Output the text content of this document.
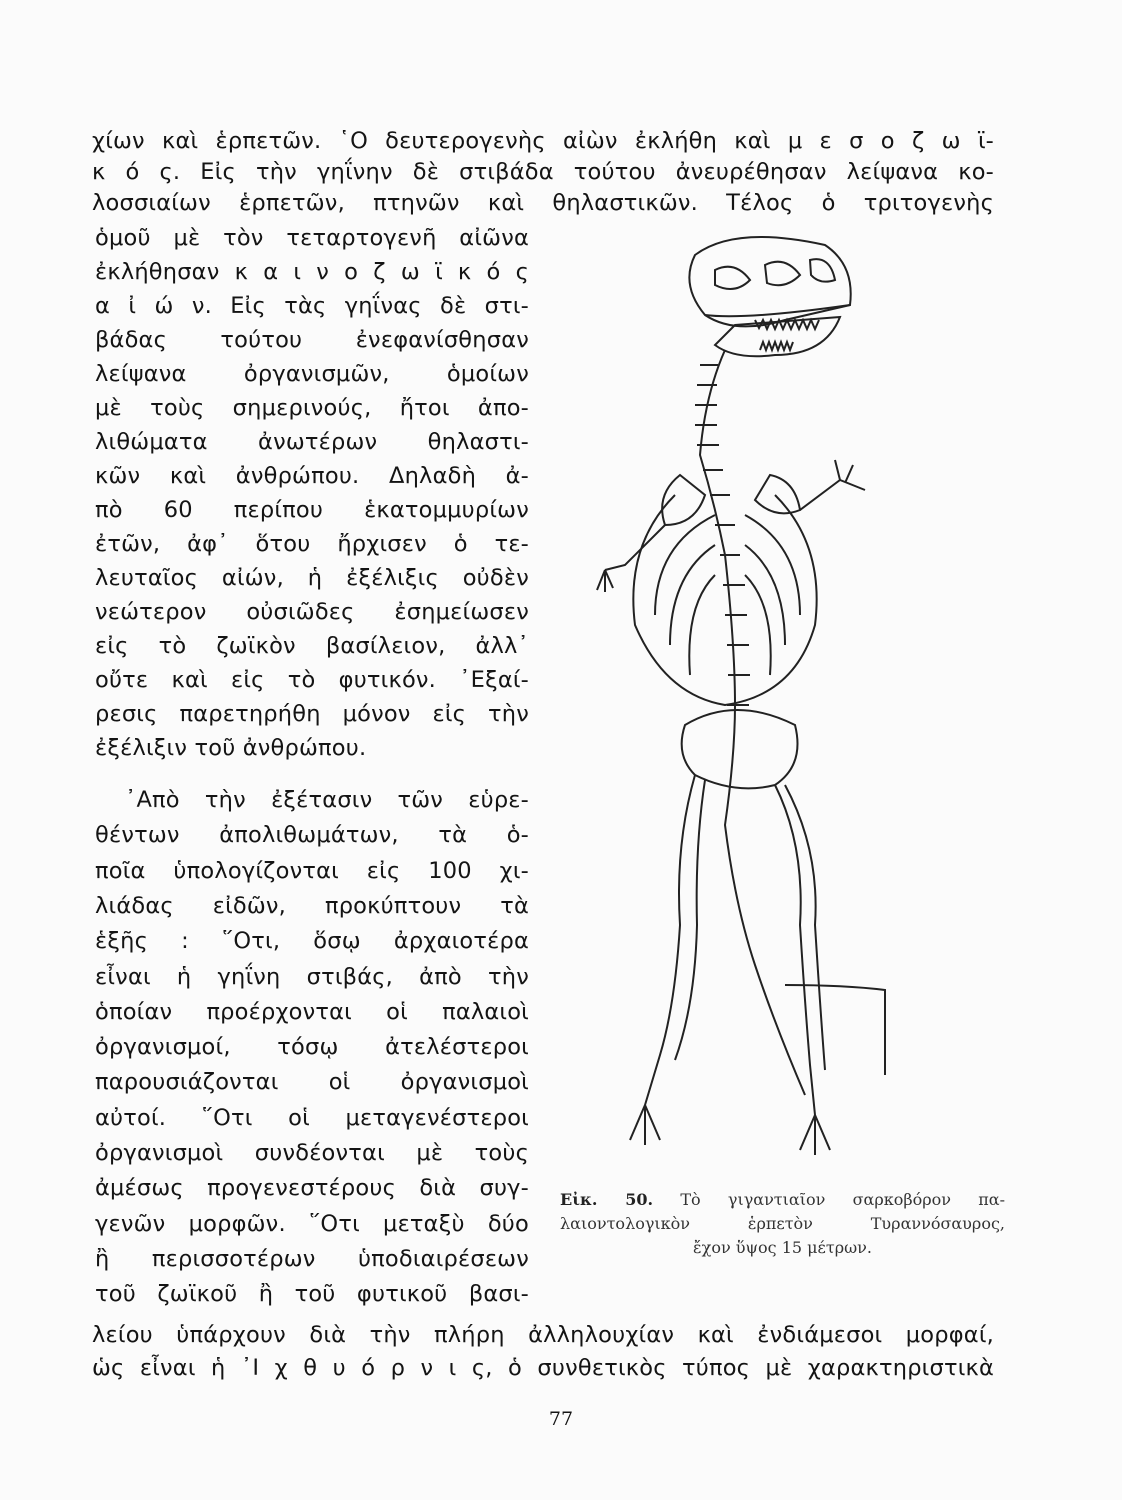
χίων καὶ ἑρπετῶν. ῾Ο δευτερογενὴς αἰὼν ἐκλήθη καὶ μ ε σ ο ζ ω ϊ-
κ ό ς. Εἰς τὴν γηΐνην δὲ στιβάδα τούτου ἀνευρέθησαν λείψανα κο-
λοσσιαίων ἑρπετῶν, πτηνῶν καὶ θηλαστικῶν. Τέλος ὁ τριτογενὴς
ὁμοῦ μὲ τὸν τεταρτογενῆ αἰῶνα
ἐκλήθησαν κ α ι ν ο ζ ω ϊ κ ό ς
α ἰ ώ ν. Εἰς τὰς γηΐνας δὲ στι-
βάδας τούτου ἐνεφανίσθησαν
λείψανα ὀργανισμῶν, ὁμοίων
μὲ τοὺς σημερινούς, ἤτοι ἀπο-
λιθώματα ἀνωτέρων θηλαστι-
κῶν καὶ ἀνθρώπου. Δηλαδὴ ἀ-
πὸ 60 περίπου ἑκατομμυρίων
ἐτῶν, ἀφ᾽ ὅτου ἤρχισεν ὁ τε-
λευταῖος αἰών, ἡ ἐξέλιξις οὐδὲν
νεώτερον οὐσιῶδες ἐσημείωσεν
εἰς τὸ ζωϊκὸν βασίλειον, ἀλλ᾽
οὔτε καὶ εἰς τὸ φυτικόν. ᾽Εξαί-
ρεσις παρετηρήθη μόνον εἰς τὴν
ἐξέλιξιν τοῦ ἀνθρώπου.
᾽Απὸ τὴν ἐξέτασιν τῶν εὑρε-
θέντων ἀπολιθωμάτων, τὰ ὁ-
ποῖα ὑπολογίζονται εἰς 100 χι-
λιάδας εἰδῶν, προκύπτουν τὰ
ἑξῆς : ῞Οτι, ὅσῳ ἀρχαιοτέρα
εἶναι ἡ γηΐνη στιβάς, ἀπὸ τὴν
ὁποίαν προέρχονται οἱ παλαιοὶ
ὀργανισμοί, τόσῳ ἀτελέστεροι
παρουσιάζονται οἱ ὀργανισμοὶ
αὐτοί. ῞Οτι οἱ μεταγενέστεροι
ὀργανισμοὶ συνδέονται μὲ τοὺς
ἀμέσως προγενεστέρους διὰ συγ-
γενῶν μορφῶν. ῞Οτι μεταξὺ δύο
ἢ περισσοτέρων ὑποδιαιρέσεων
τοῦ ζωϊκοῦ ἢ τοῦ φυτικοῦ βασι-
λείου ὑπάρχουν διὰ τὴν πλήρη ἀλληλουχίαν καὶ ἐνδιάμεσοι μορφαί,
ὡς εἶναι ἡ ᾽Ι χ θ υ ό ρ ν ι ς, ὁ συνθετικὸς τύπος μὲ χαρακτηριστικὰ
Εἰκ. 50. Τὸ γιγαντιαῖον σαρκοβόρον πα-
λαιοντολογικὸν ἑρπετὸν Τυραννόσαυρος,
ἔχον ὕψος 15 μέτρων.
77
